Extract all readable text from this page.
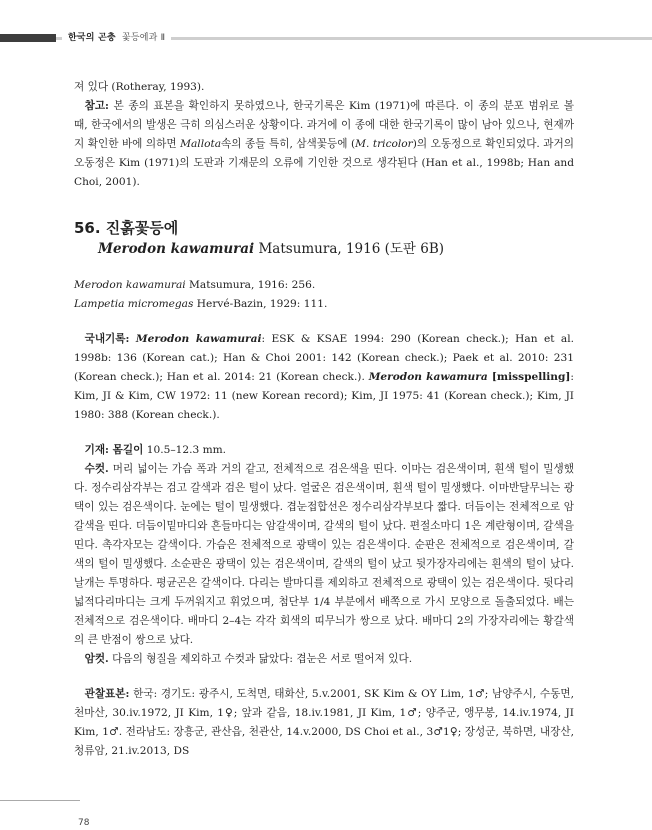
한국의 곤충 꽃등에과 Ⅱ

져 있다 (Rotheray, 1993).

참고: 본 종의 표본을 확인하지 못하였으나, 한국기록은 Kim (1971)에 따른다. 이 종의 분포 범위로 볼 때, 한국에서의 발생은 극히 의심스러운 상황이다. 과거에 이 종에 대한 한국기록이 많이 남아 있으나, 현재까지 확인한 바에 의하면 Mallota속의 종들 특히, 삼색꽃등에 (M. tricolor)의 오동정으로 확인되었다. 과거의 오동정은 Kim (1971)의 도판과 기재문의 오류에 기인한 것으로 생각된다 (Han et al., 1998b; Han and Choi, 2001).

56. 진홁꽃등에
Merodon kawamurai Matsumura, 1916 (도판 6B)

Merodon kawamurai Matsumura, 1916: 256.

Lampetia micromegas Hervé-Bazin, 1929: 111.

국내기록: Merodon kawamurai: ESK & KSAE 1994: 290 (Korean check.); Han et al. 1998b: 136 (Korean cat.); Han & Choi 2001: 142 (Korean check.); Paek et al. 2010: 231 (Korean check.); Han et al. 2014: 21 (Korean check.). Merodon kawamura [misspelling]: Kim, JI & Kim, CW 1972: 11 (new Korean record); Kim, JI 1975: 41 (Korean check.); Kim, JI 1980: 388 (Korean check.).

기재: 몸길이 10.5–12.3 mm.

수컷. 머리 넓이는 가슴 폭과 거의 같고, 전체적으로 검은색을 띤다. 이마는 검은색이며, 흰색 털이 밀생했다. 정수리삼각부는 검고 갈색과 검은 털이 났다. 얼굴은 검은색이며, 흰색 털이 밀생했다. 이마반달무늬는 광택이 있는 검은색이다. 눈에는 털이 밀생했다. 겹눈접합선은 정수리삼각부보다 짧다. 더듬이는 전체적으로 암갈색을 띤다. 더듬이밑마디와 흔들마디는 암갈색이며, 갈색의 털이 났다. 편절소마디 1은 계란형이며, 갈색을 띤다. 촉각자모는 갈색이다. 가슴은 전체적으로 광택이 있는 검은색이다. 순판은 전체적으로 검은색이며, 갈색의 털이 밀생했다. 소순판은 광택이 있는 검은색이며, 갈색의 털이 났고 뒷가장자리에는 흰색의 털이 났다. 날개는 투명하다. 평균곤은 갈색이다. 다리는 발마디를 제외하고 전체적으로 광택이 있는 검은색이다. 뒷다리 넓적다리마디는 크게 두꺼워지고 휘었으며, 첨단부 1/4 부분에서 배쪽으로 가시 모양으로 돌출되었다. 배는 전체적으로 검은색이다. 배마디 2–4는 각각 회색의 띠무늬가 쌍으로 났다. 배마디 2의 가장자리에는 황갈색의 큰 반점이 쌍으로 났다.

암컷. 다음의 형질을 제외하고 수컷과 닮았다: 겹눈은 서로 떨어져 있다.

관찰표본: 한국: 경기도: 광주시, 도척면, 태화산, 5.v.2001, SK Kim & OY Lim, 1♂; 남양주시, 수동면, 천마산, 30.iv.1972, JI Kim, 1♀; 앞과 같음, 18.iv.1981, JI Kim, 1♂; 양주군, 앵무봉, 14.iv.1974, JI Kim, 1♂. 전라남도: 장흥군, 관산읍, 천관산, 14.v.2000, DS Choi et al., 3♂1♀; 장성군, 북하면, 내장산, 청류암, 21.iv.2013, DS

78
